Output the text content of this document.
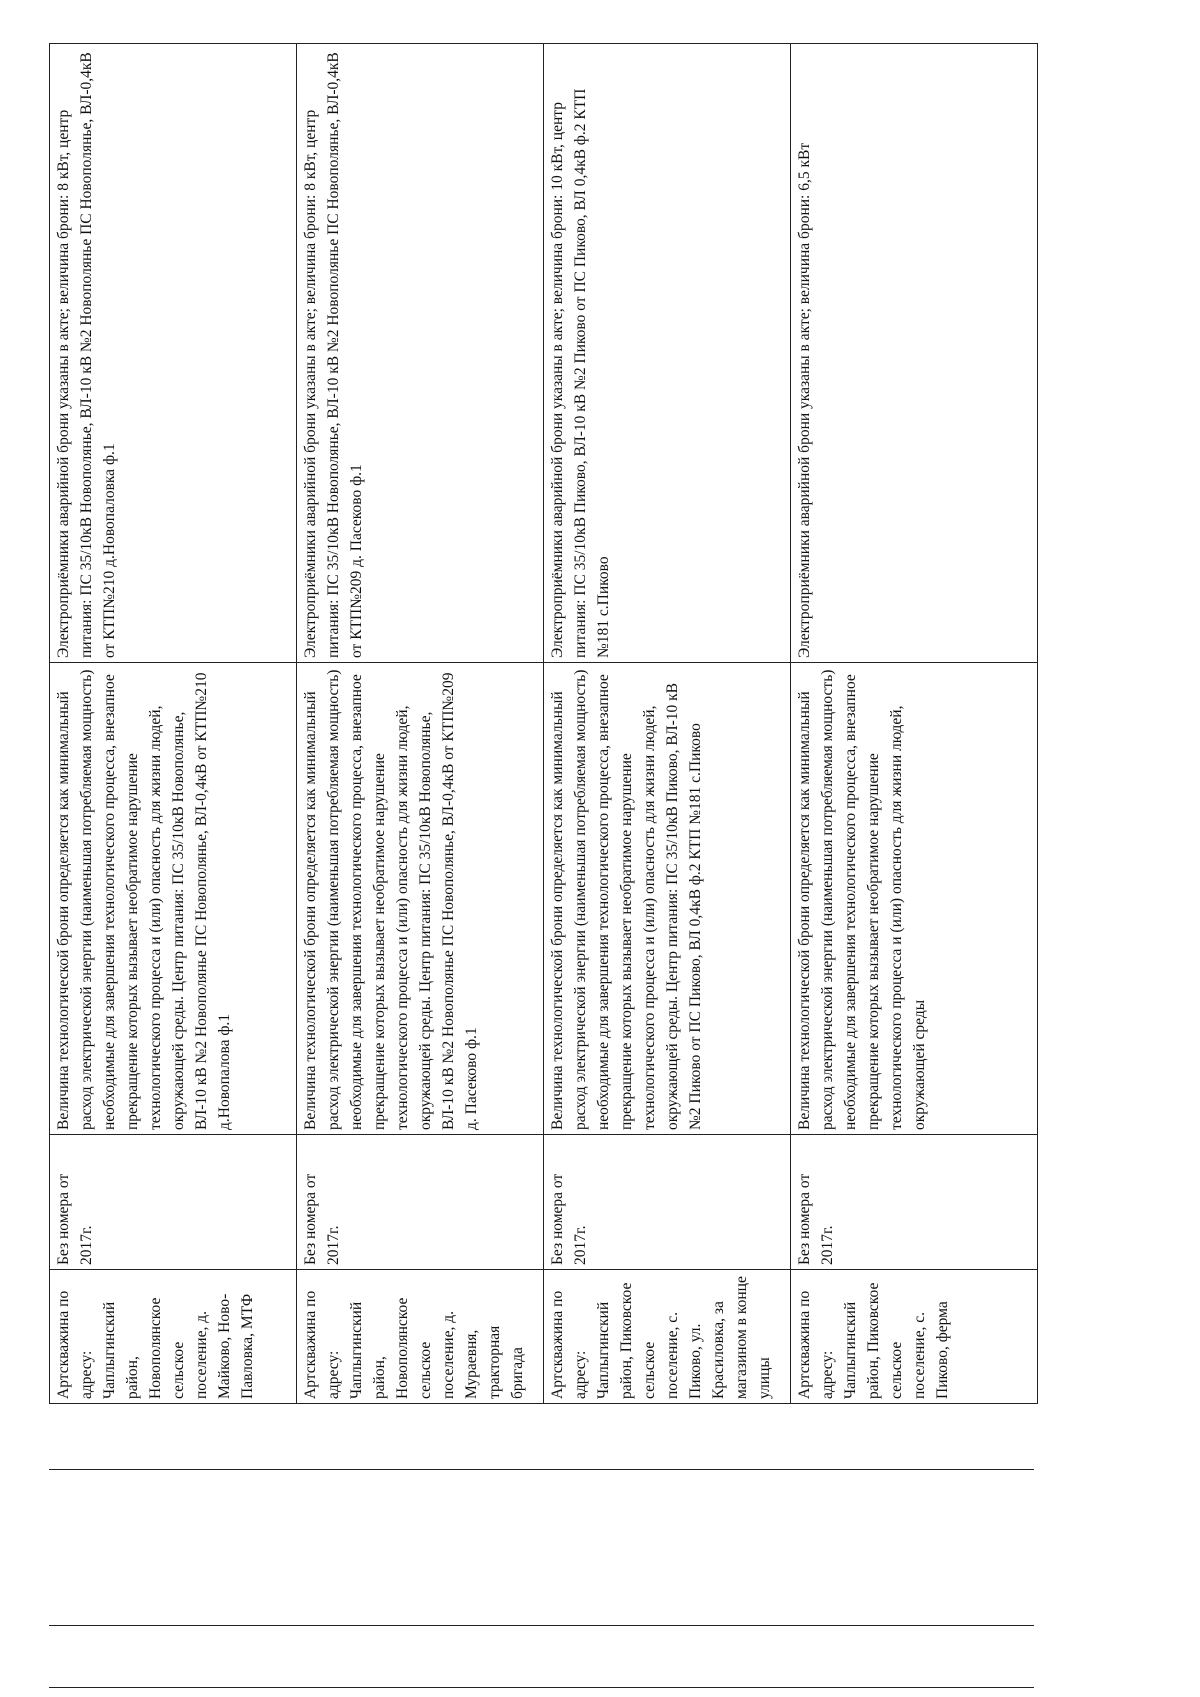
Артскважина по адресу: Чаплыгинский район, Новополянское сельское поселение, д. Майково, Ново-Павловка, МТФ	Без номера от 2017г.	Величина технологической брони определяется как минимальный расход электрической энергии (наименьшая потребляемая мощность) необходимые для завершения технологического процесса, внезапное прекращение которых вызывает необратимое нарушение технологического процесса и (или) опасность для жизни людей, окружающей среды. Центр питания: ПС 35/10кВ Новополянье, ВЛ-10 кВ №2 Новополянье ПС Новополянье, ВЛ-0,4кВ от КТП№210 д.Новопалова ф.1	Электроприёмники аварийной брони указаны в акте; величина брони: 8 кВт, центр питания: ПС 35/10кВ Новополянье, ВЛ-10 кВ №2 Новополянье ПС Новополянье, ВЛ-0,4кВ от КТП№210 д.Новопаловка ф.1
Артскважина по адресу: Чаплыгинский район, Новополянское сельское поселение, д. Мураевня, тракторная бригада	Без номера от 2017г.	Величина технологической брони определяется как минимальный расход электрической энергии (наименьшая потребляемая мощность) необходимые для завершения технологического процесса, внезапное прекращение которых вызывает необратимое нарушение технологического процесса и (или) опасность для жизни людей, окружающей среды. Центр питания: ПС 35/10кВ Новополянье, ВЛ-10 кВ №2 Новополянье ПС Новополянье, ВЛ-0,4кВ от КТП№209 д. Пасеково ф.1	Электроприёмники аварийной брони указаны в акте; величина брони: 8 кВт, центр питания: ПС 35/10кВ Новополянье, ВЛ-10 кВ №2 Новополянье ПС Новополянье, ВЛ-0,4кВ от КТП№209 д. Пасеково ф.1
Артскважина по адресу: Чаплыгинский район, Пиковское сельское поселение, с. Пиково, ул. Красиловка, за магазином в конце улицы	Без номера от 2017г.	Величина технологической брони определяется как минимальный расход электрической энергии (наименьшая потребляемая мощность) необходимые для завершения технологического процесса, внезапное прекращение которых вызывает необратимое нарушение технологического процесса и (или) опасность для жизни людей, окружающей среды. Центр питания: ПС 35/10кВ Пиково, ВЛ-10 кВ №2 Пиково от ПС Пиково, ВЛ 0,4кВ ф.2 КТП №181 с.Пиково	Электроприёмники аварийной брони указаны в акте; величина брони: 10 кВт, центр питания: ПС 35/10кВ Пиково, ВЛ-10 кВ №2 Пиково от ПС Пиково, ВЛ 0,4кВ ф.2 КТП №181 с.Пиково
Артскважина по адресу: Чаплыгинский район, Пиковское сельское поселение, с. Пиково, ферма	Без номера от 2017г.	Величина технологической брони определяется как минимальный расход электрической энергии (наименьшая потребляемая мощность) необходимые для завершения технологического процесса, внезапное прекращение которых вызывает необратимое нарушение технологического процесса и (или) опасность для жизни людей, окружающей среды	Электроприёмники аварийной брони указаны в акте; величина брони: 6,5 кВт
